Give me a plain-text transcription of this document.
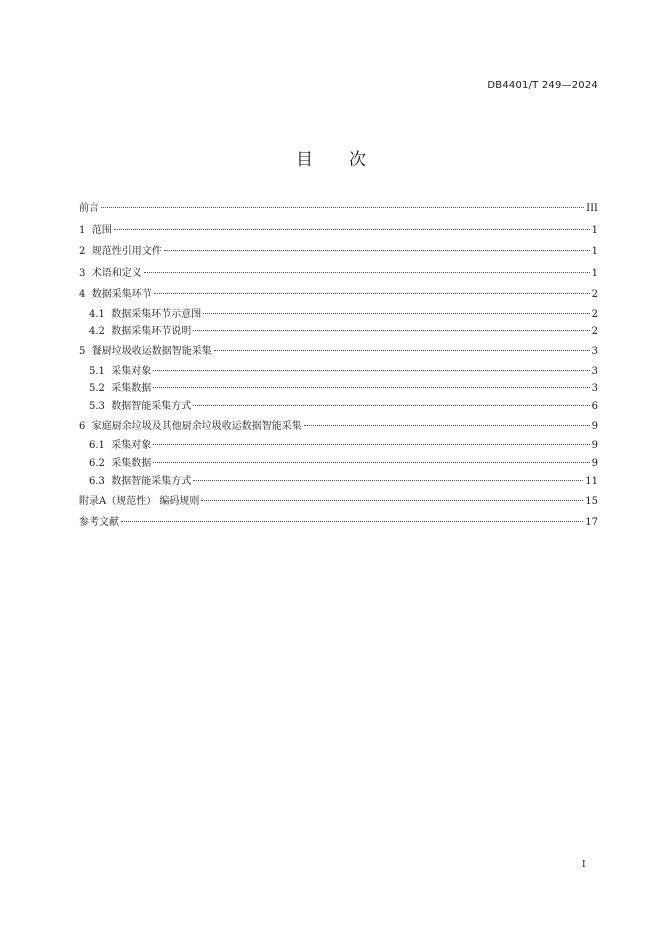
DB4401/T 249—2024
目次
前言	III
1 范围	1
2 规范性引用文件	1
3 术语和定义	1
4 数据采集环节	2
4.1 数据采集环节示意图	2
4.2 数据采集环节说明	2
5 餐厨垃圾收运数据智能采集	3
5.1 采集对象	3
5.2 采集数据	3
5.3 数据智能采集方式	6
6 家庭厨余垃圾及其他厨余垃圾收运数据智能采集	9
6.1 采集对象	9
6.2 采集数据	9
6.3 数据智能采集方式	11
附录A（规范性） 编码规则	15
参考文献	17
I
